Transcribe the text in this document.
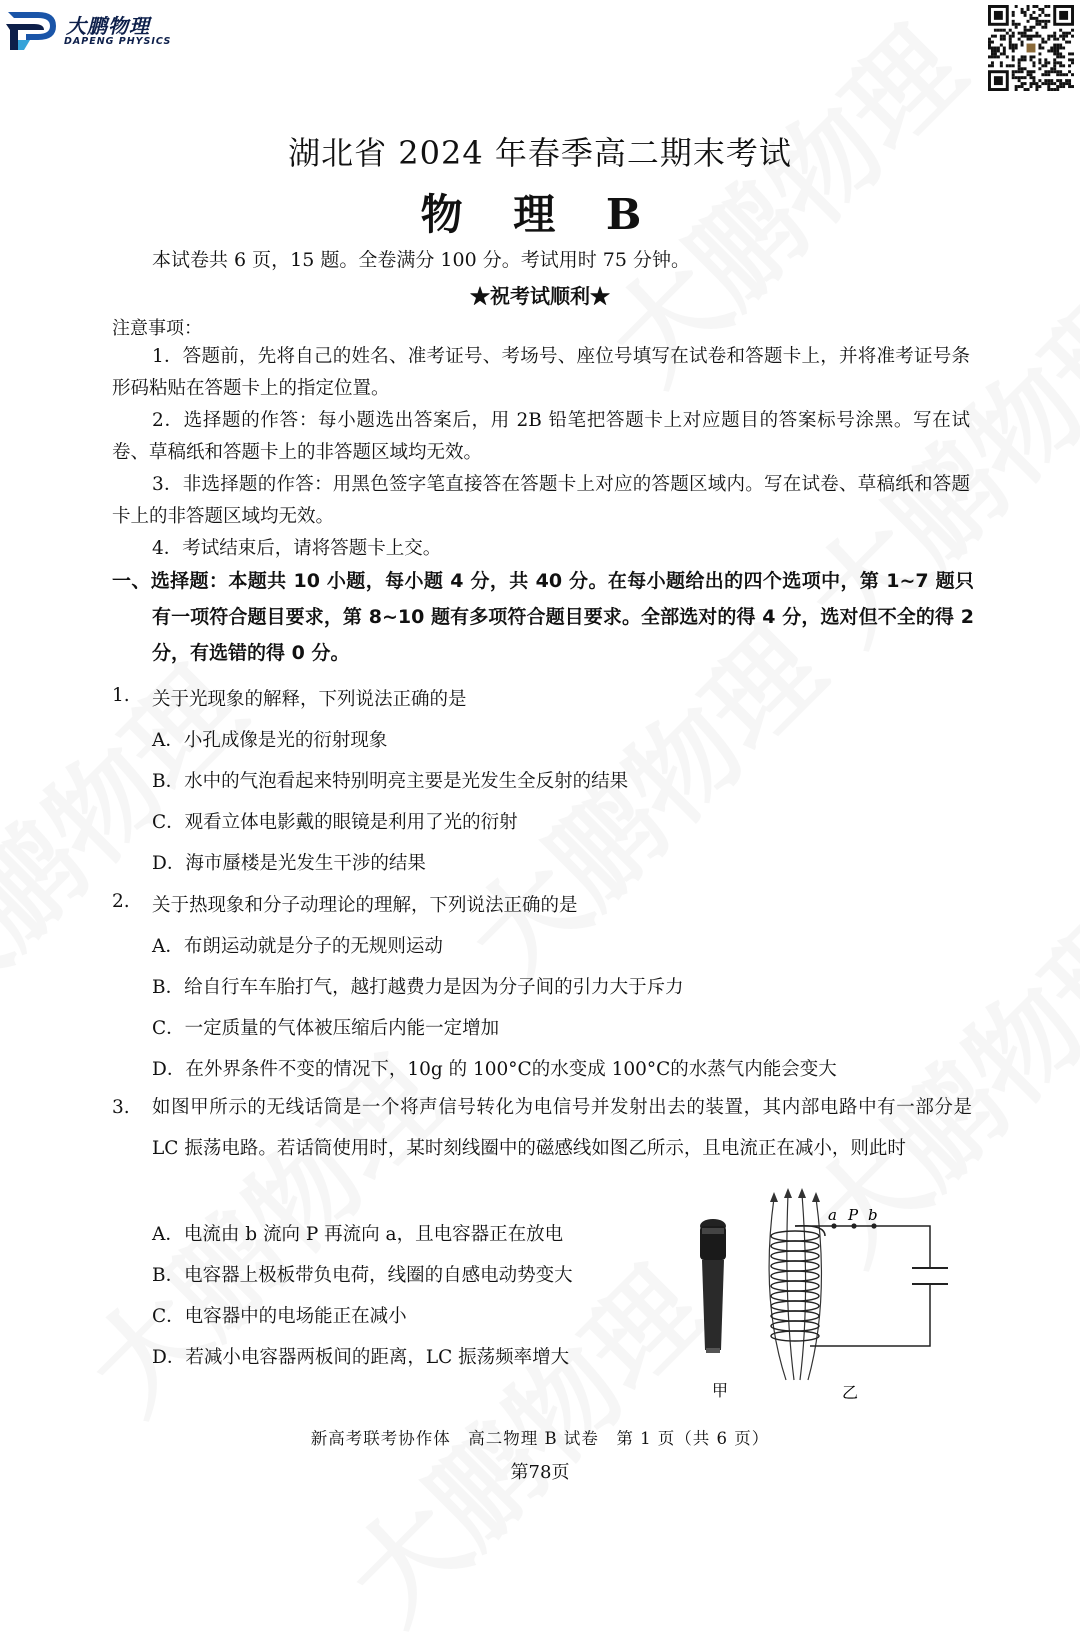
大鹏物理
DAPENG PHYSICS
湖北省 2024 年春季高二期末考试
物 理 B
本试卷共 6 页，15 题。全卷满分 100 分。考试用时 75 分钟。
★祝考试顺利★
注意事项：
1．答题前，先将自己的姓名、准考证号、考场号、座位号填写在试卷和答题卡上，并将准考证号条形码粘贴在答题卡上的指定位置。
2．选择题的作答：每小题选出答案后，用 2B 铅笔把答题卡上对应题目的答案标号涂黑。写在试卷、草稿纸和答题卡上的非答题区域均无效。
3．非选择题的作答：用黑色签字笔直接答在答题卡上对应的答题区域内。写在试卷、草稿纸和答题卡上的非答题区域均无效。
4．考试结束后，请将答题卡上交。
一、选择题：本题共 10 小题，每小题 4 分，共 40 分。在每小题给出的四个选项中，第 1~7 题只有一项符合题目要求，第 8~10 题有多项符合题目要求。全部选对的得 4 分，选对但不全的得 2 分，有选错的得 0 分。
1. 关于光现象的解释，下列说法正确的是
A．小孔成像是光的衍射现象
B．水中的气泡看起来特别明亮主要是光发生全反射的结果
C．观看立体电影戴的眼镜是利用了光的衍射
D．海市蜃楼是光发生干涉的结果
2. 关于热现象和分子动理论的理解，下列说法正确的是
A．布朗运动就是分子的无规则运动
B．给自行车车胎打气，越打越费力是因为分子间的引力大于斥力
C．一定质量的气体被压缩后内能一定增加
D．在外界条件不变的情况下，10g 的 100°C的水变成 100°C的水蒸气内能会变大
3. 如图甲所示的无线话筒是一个将声信号转化为电信号并发射出去的装置，其内部电路中有一部分是 LC 振荡电路。若话筒使用时，某时刻线圈中的磁感线如图乙所示，且电流正在减小，则此时
A．电流由 b 流向 P 再流向 a，且电容器正在放电
B．电容器上极板带负电荷，线圈的自感电动势变大
C．电容器中的电场能正在减小
D．若减小电容器两板间的距离，LC 振荡频率增大
a P b
甲	乙
新高考联考协作体　高二物理 B 试卷　第 1 页（共 6 页）
第78页
